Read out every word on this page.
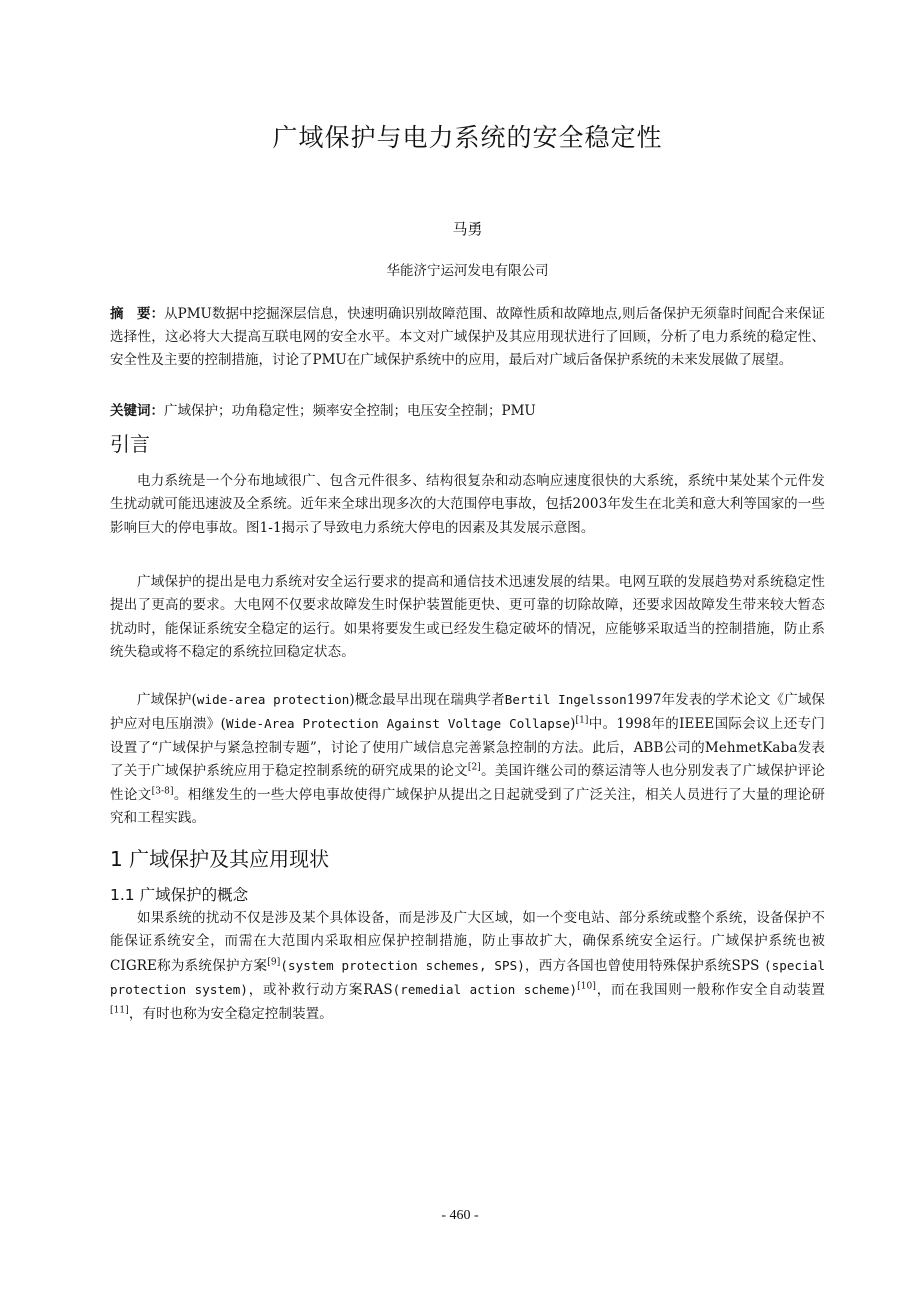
广域保护与电力系统的安全稳定性
马勇
华能济宁运河发电有限公司

摘　要：从PMU数据中挖掘深层信息，快速明确识别故障范围、故障性质和故障地点,则后备保护无须靠时间配合来保证选择性，这必将大大提高互联电网的安全水平。本文对广域保护及其应用现状进行了回顾，分析了电力系统的稳定性、安全性及主要的控制措施，讨论了PMU在广域保护系统中的应用，最后对广域后备保护系统的未来发展做了展望。

关键词：广域保护；功角稳定性；频率安全控制；电压安全控制；PMU

引言

电力系统是一个分布地域很广、包含元件很多、结构很复杂和动态响应速度很快的大系统，系统中某处某个元件发生扰动就可能迅速波及全系统。近年来全球出现多次的大范围停电事故，包括2003年发生在北美和意大利等国家的一些影响巨大的停电事故。图1-1揭示了导致电力系统大停电的因素及其发展示意图。

广域保护的提出是电力系统对安全运行要求的提高和通信技术迅速发展的结果。电网互联的发展趋势对系统稳定性提出了更高的要求。大电网不仅要求故障发生时保护装置能更快、更可靠的切除故障，还要求因故障发生带来较大暂态扰动时，能保证系统安全稳定的运行。如果将要发生或已经发生稳定破坏的情况，应能够采取适当的控制措施，防止系统失稳或将不稳定的系统拉回稳定状态。

广域保护(wide-area protection)概念最早出现在瑞典学者Bertil Ingelsson1997年发表的学术论文《广域保护应对电压崩溃》(Wide-Area Protection Against Voltage Collapse)[1]中。1998年的IEEE国际会议上还专门设置了“广域保护与紧急控制专题”，讨论了使用广域信息完善紧急控制的方法。此后，ABB公司的MehmetKaba发表了关于广域保护系统应用于稳定控制系统的研究成果的论文[2]。美国许继公司的蔡运清等人也分别发表了广域保护评论性论文[3-8]。相继发生的一些大停电事故使得广域保护从提出之日起就受到了广泛关注，相关人员进行了大量的理论研究和工程实践。

1 广域保护及其应用现状
1.1 广域保护的概念

如果系统的扰动不仅是涉及某个具体设备，而是涉及广大区域，如一个变电站、部分系统或整个系统，设备保护不能保证系统安全，而需在大范围内采取相应保护控制措施，防止事故扩大，确保系统安全运行。广域保护系统也被CIGRE称为系统保护方案[9](system protection schemes, SPS)，西方各国也曾使用特殊保护系统SPS (special protection system)，或补救行动方案RAS(remedial action scheme)[10]，而在我国则一般称作安全自动装置[11]，有时也称为安全稳定控制装置。

- 460 -
